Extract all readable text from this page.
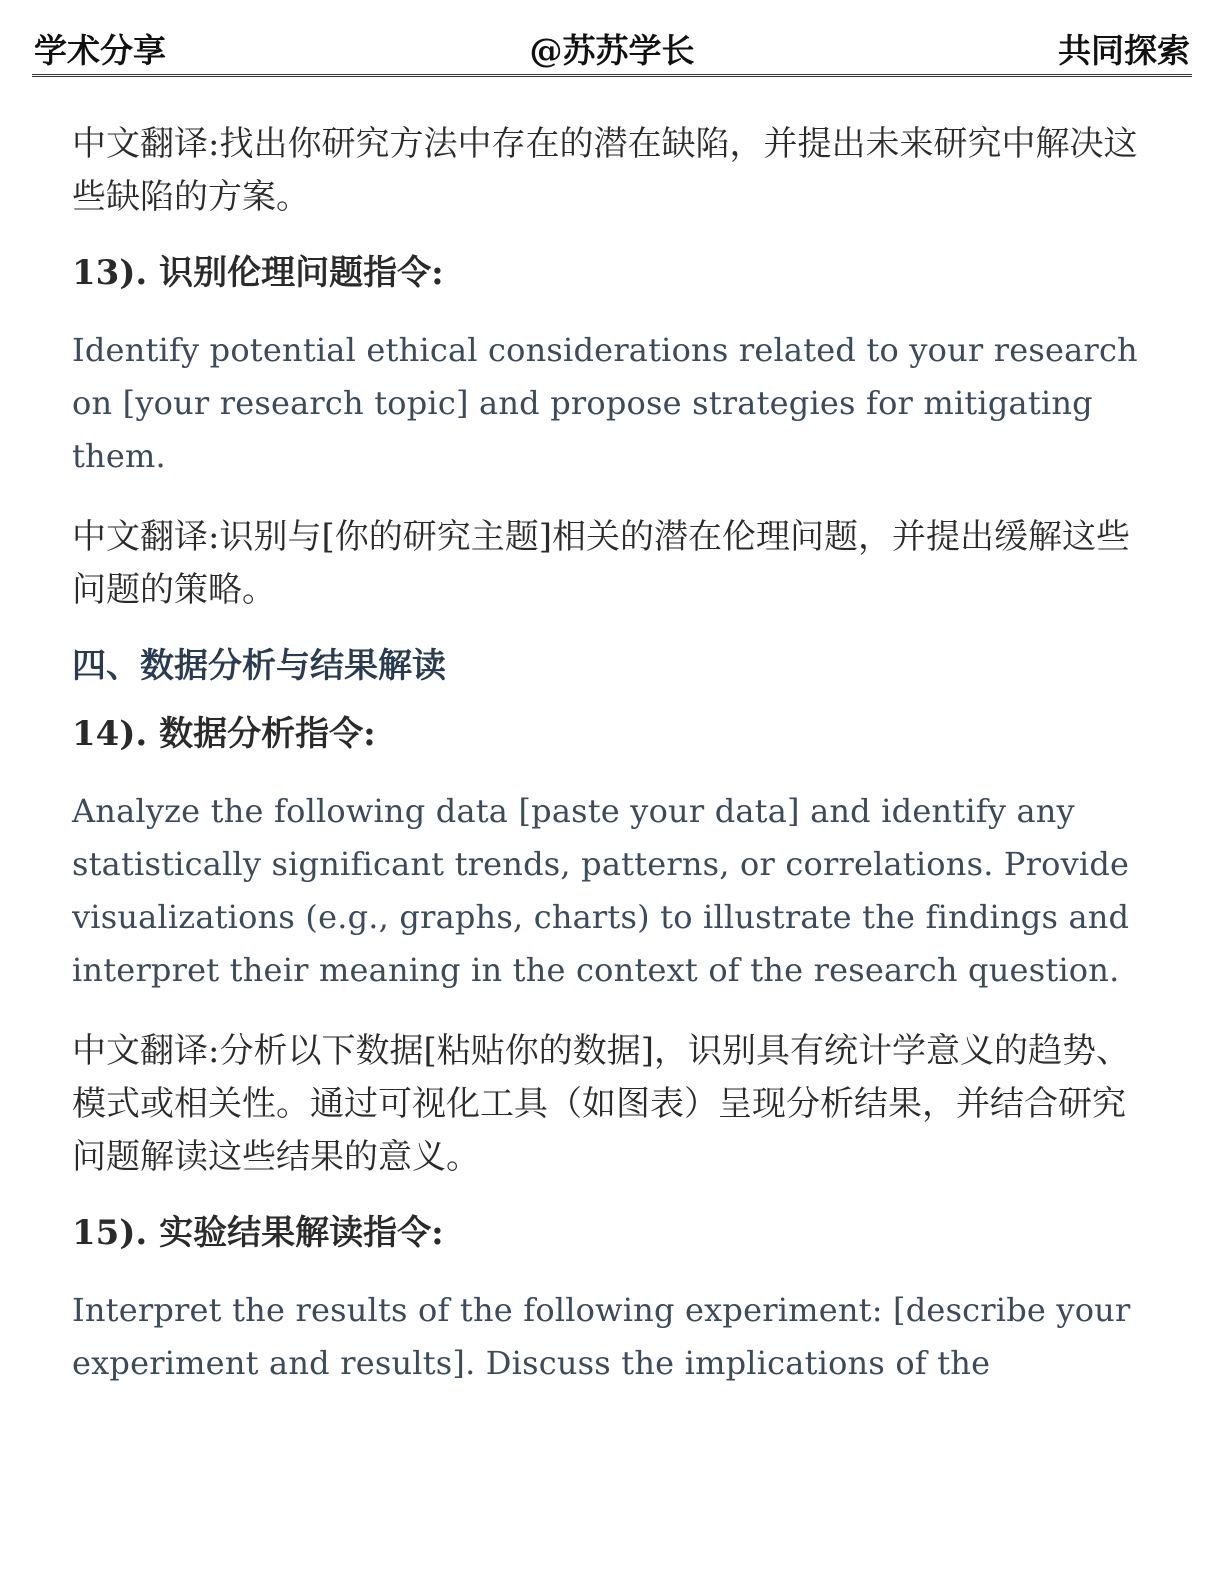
学术分享	@苏苏学长	共同探索

中文翻译:找出你研究方法中存在的潜在缺陷，并提出未来研究中解决这些缺陷的方案。

13). 识别伦理问题指令:

Identify potential ethical considerations related to your research on [your research topic] and propose strategies for mitigating them.

中文翻译:识别与[你的研究主题]相关的潜在伦理问题，并提出缓解这些问题的策略。

四、数据分析与结果解读

14). 数据分析指令:

Analyze the following data [paste your data] and identify any statistically significant trends, patterns, or correlations. Provide visualizations (e.g., graphs, charts) to illustrate the findings and interpret their meaning in the context of the research question.

中文翻译:分析以下数据[粘贴你的数据]，识别具有统计学意义的趋势、模式或相关性。通过可视化工具（如图表）呈现分析结果，并结合研究问题解读这些结果的意义。

15). 实验结果解读指令:

Interpret the results of the following experiment: [describe your experiment and results]. Discuss the implications of the
